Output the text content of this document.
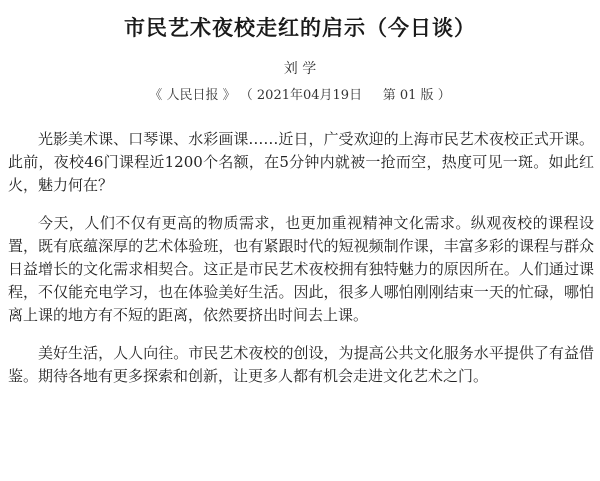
市民艺术夜校走红的启示（今日谈）
刘 学
《 人民日报 》 （ 2021年04月19日 第 01 版 ）

光影美术课、口琴课、水彩画课……近日，广受欢迎的上海市民艺术夜校正式开课。此前，夜校46门课程近1200个名额，在5分钟内就被一抢而空，热度可见一斑。如此红火，魅力何在？

今天，人们不仅有更高的物质需求，也更加重视精神文化需求。纵观夜校的课程设置，既有底蕴深厚的艺术体验班，也有紧跟时代的短视频制作课，丰富多彩的课程与群众日益增长的文化需求相契合。这正是市民艺术夜校拥有独特魅力的原因所在。人们通过课程，不仅能充电学习，也在体验美好生活。因此，很多人哪怕刚刚结束一天的忙碌，哪怕离上课的地方有不短的距离，依然要挤出时间去上课。

美好生活，人人向往。市民艺术夜校的创设，为提高公共文化服务水平提供了有益借鉴。期待各地有更多探索和创新，让更多人都有机会走进文化艺术之门。
